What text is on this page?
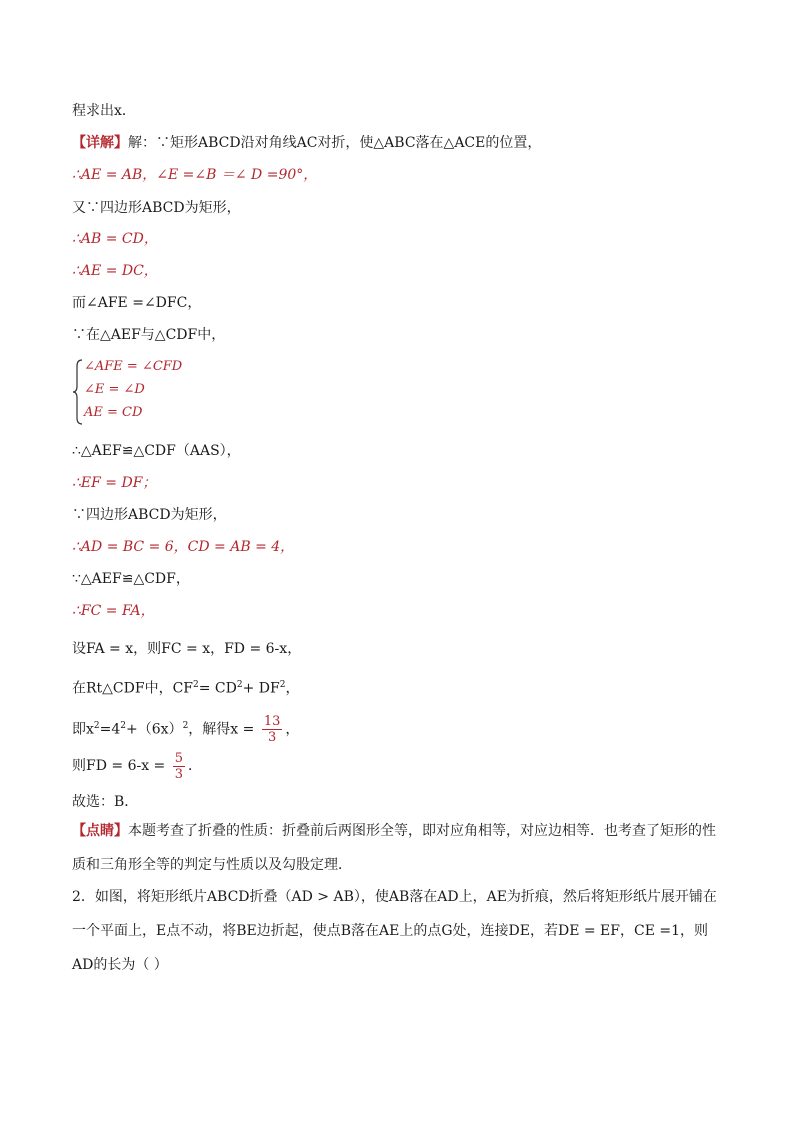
程求出x．
【详解】解：∵矩形ABCD沿对角线AC对折，使△ABC落在△ACE的位置，
∴AE = AB，∠E =∠B ＝∠ D =90°，
又∵四边形ABCD为矩形，
∴AB = CD，
∴AE = DC，
而∠AFE =∠DFC，
∵在△AEF与△CDF中，
∠AFE = ∠CFD
∠E = ∠D
AE = CD
∴△AEF≌△CDF（AAS），
∴EF = DF；
∵四边形ABCD为矩形，
∴AD = BC = 6，CD = AB = 4，
∵△AEF≌△CDF，
∴FC = FA，
设FA = x，则FC = x，FD = 6-x，
在Rt△CDF中，$CF^2= CD^2+ DF^2$，
即$x^2=4^2+(6x)^2$，解得$x = \frac{13}{3}$ ，
则FD = $6-x = \frac{5}{3}$ ．
故选：B．
【点睛】本题考查了折叠的性质：折叠前后两图形全等，即对应角相等，对应边相等．也考查了矩形的性质和三角形全等的判定与性质以及勾股定理．
2．如图，将矩形纸片ABCD折叠（AD > AB），使AB落在AD上，AE为折痕，然后将矩形纸片展开铺在一个平面上，E点不动，将BE边折起，使点B落在AE上的点G处，连接DE，若DE = EF，CE =1，则AD的长为（ ）
